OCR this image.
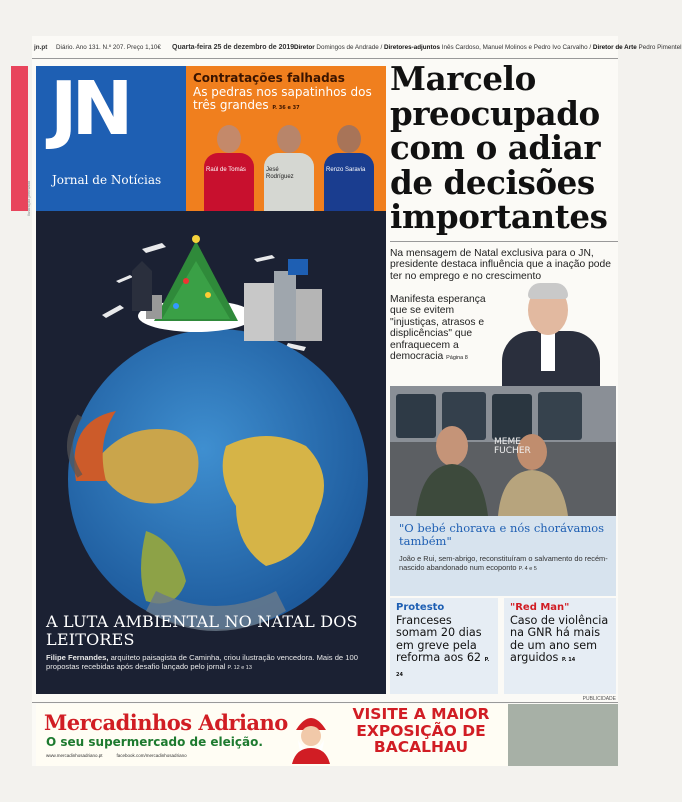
jn.pt Diário. Ano 131. N.º 207. Preço 1,10€ Quarta-feira 25 de dezembro de 2019 Diretor Domingos de Andrade / Diretores-adjuntos Inês Cardoso, Manuel Molinos e Pedro Ivo Carvalho / Diretor de Arte Pedro Pimentel
JN
Jornal de Notícias
Contratações falhadas
As pedras nos sapatinhos dos três grandes P. 36 e 37
Raúl de Tomás	Jesé Rodríguez
Renzo Saravia
Marcelo preocupado com o adiar de decisões importantes
Na mensagem de Natal exclusiva para o JN, presidente destaca influência que a inação pode ter no emprego e no crescimento
Manifesta esperança que se evitem "injustiças, atrasos e displicências" que enfraquecem a democracia Página 8
A LUTA AMBIENTAL NO NATAL DOS LEITORES
Filipe Fernandes, arquiteto paisagista de Caminha, criou ilustração vencedora. Mais de 100 propostas recebidas após desafio lançado pelo jornal P. 12 e 13
Ilustração premiada
MEME FUCHER
"O bebé chorava e nós chorávamos também"
João e Rui, sem-abrigo, reconstituíram o salvamento do recém-nascido abandonado num ecoponto P. 4 e 5
Protesto
Franceses somam 20 dias em greve pela reforma aos 62 P. 24
"Red Man"
Caso de violência na GNR há mais de um ano sem arguidos P. 14
PUBLICIDADE
Mercadinhos Adriano
O seu supermercado de eleição.
www.mercadinhosadriano.pt	facebook.com/mercadinhosadriano
VISITE A MAIOR EXPOSIÇÃO DE BACALHAU
